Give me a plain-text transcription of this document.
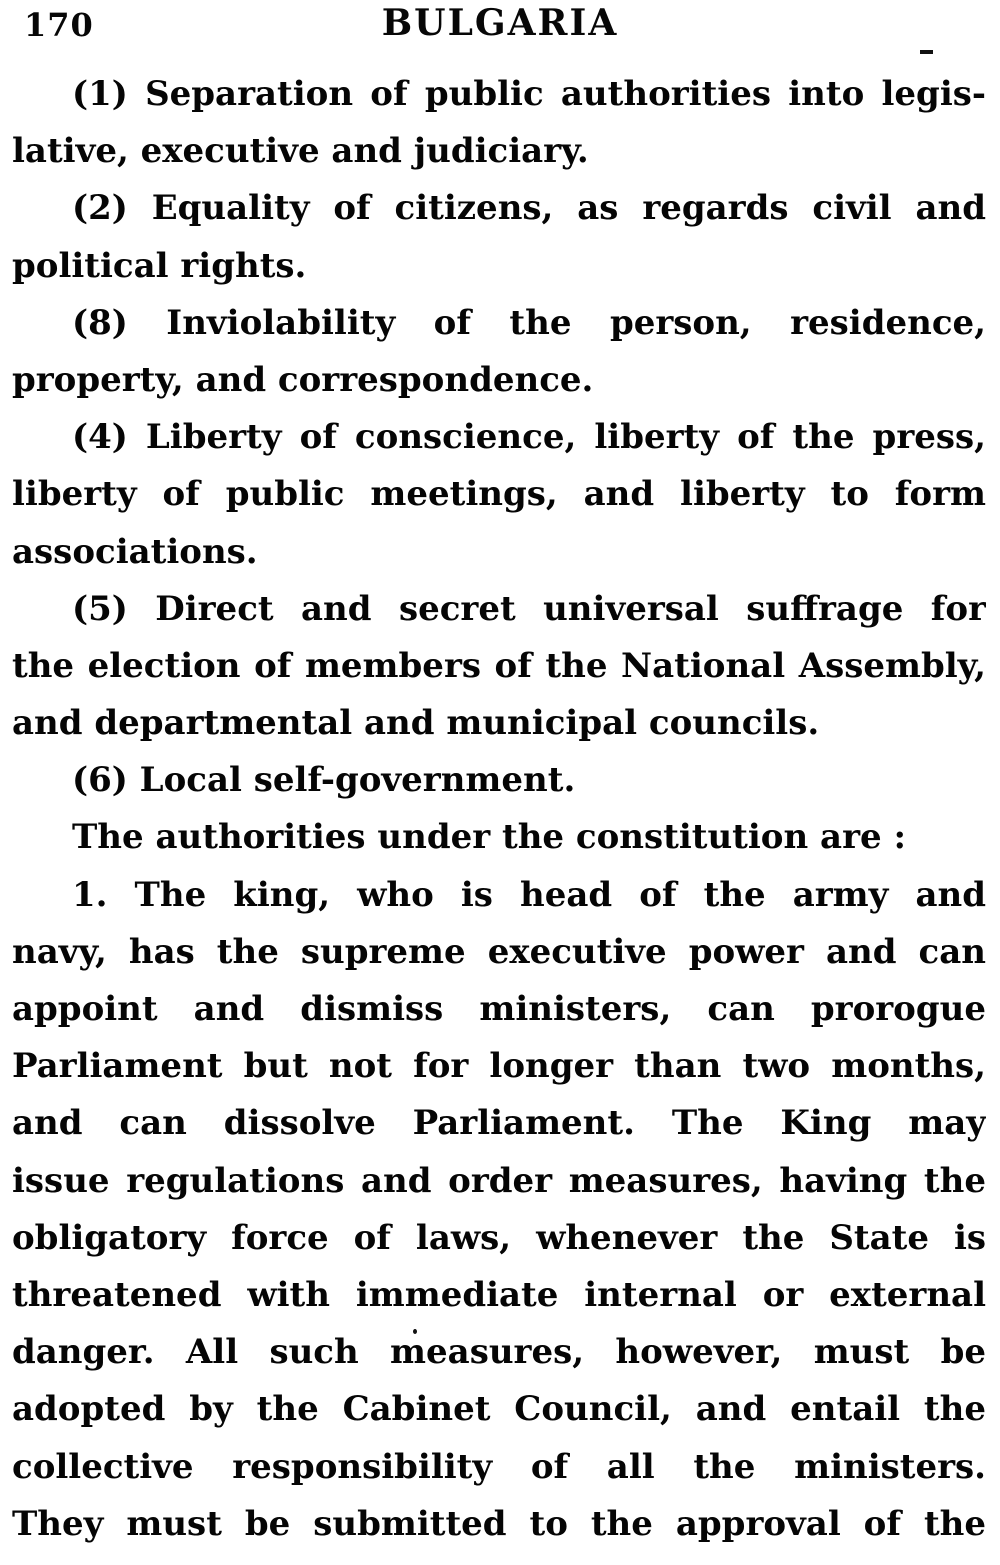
170	BULGARIA
(1) Separation of public authorities into legis-
lative, executive and judiciary.
(2) Equality of citizens, as regards civil and
political rights.
(8) Inviolability of the person, residence,
property, and correspondence.
(4) Liberty of conscience, liberty of the press,
liberty of public meetings, and liberty to form
associations.
(5) Direct and secret universal suffrage for
the election of members of the National Assembly,
and departmental and municipal councils.
(6) Local self-government.
The authorities under the constitution are :
1. The king, who is head of the army and
navy, has the supreme executive power and can
appoint and dismiss ministers, can prorogue
Parliament but not for longer than two months,
and can dissolve Parliament. The King may
issue regulations and order measures, having the
obligatory force of laws, whenever the State is
threatened with immediate internal or external
danger. All such measures, however, must be
adopted by the Cabinet Council, and entail the
collective responsibility of all the ministers.
They must be submitted to the approval of the
